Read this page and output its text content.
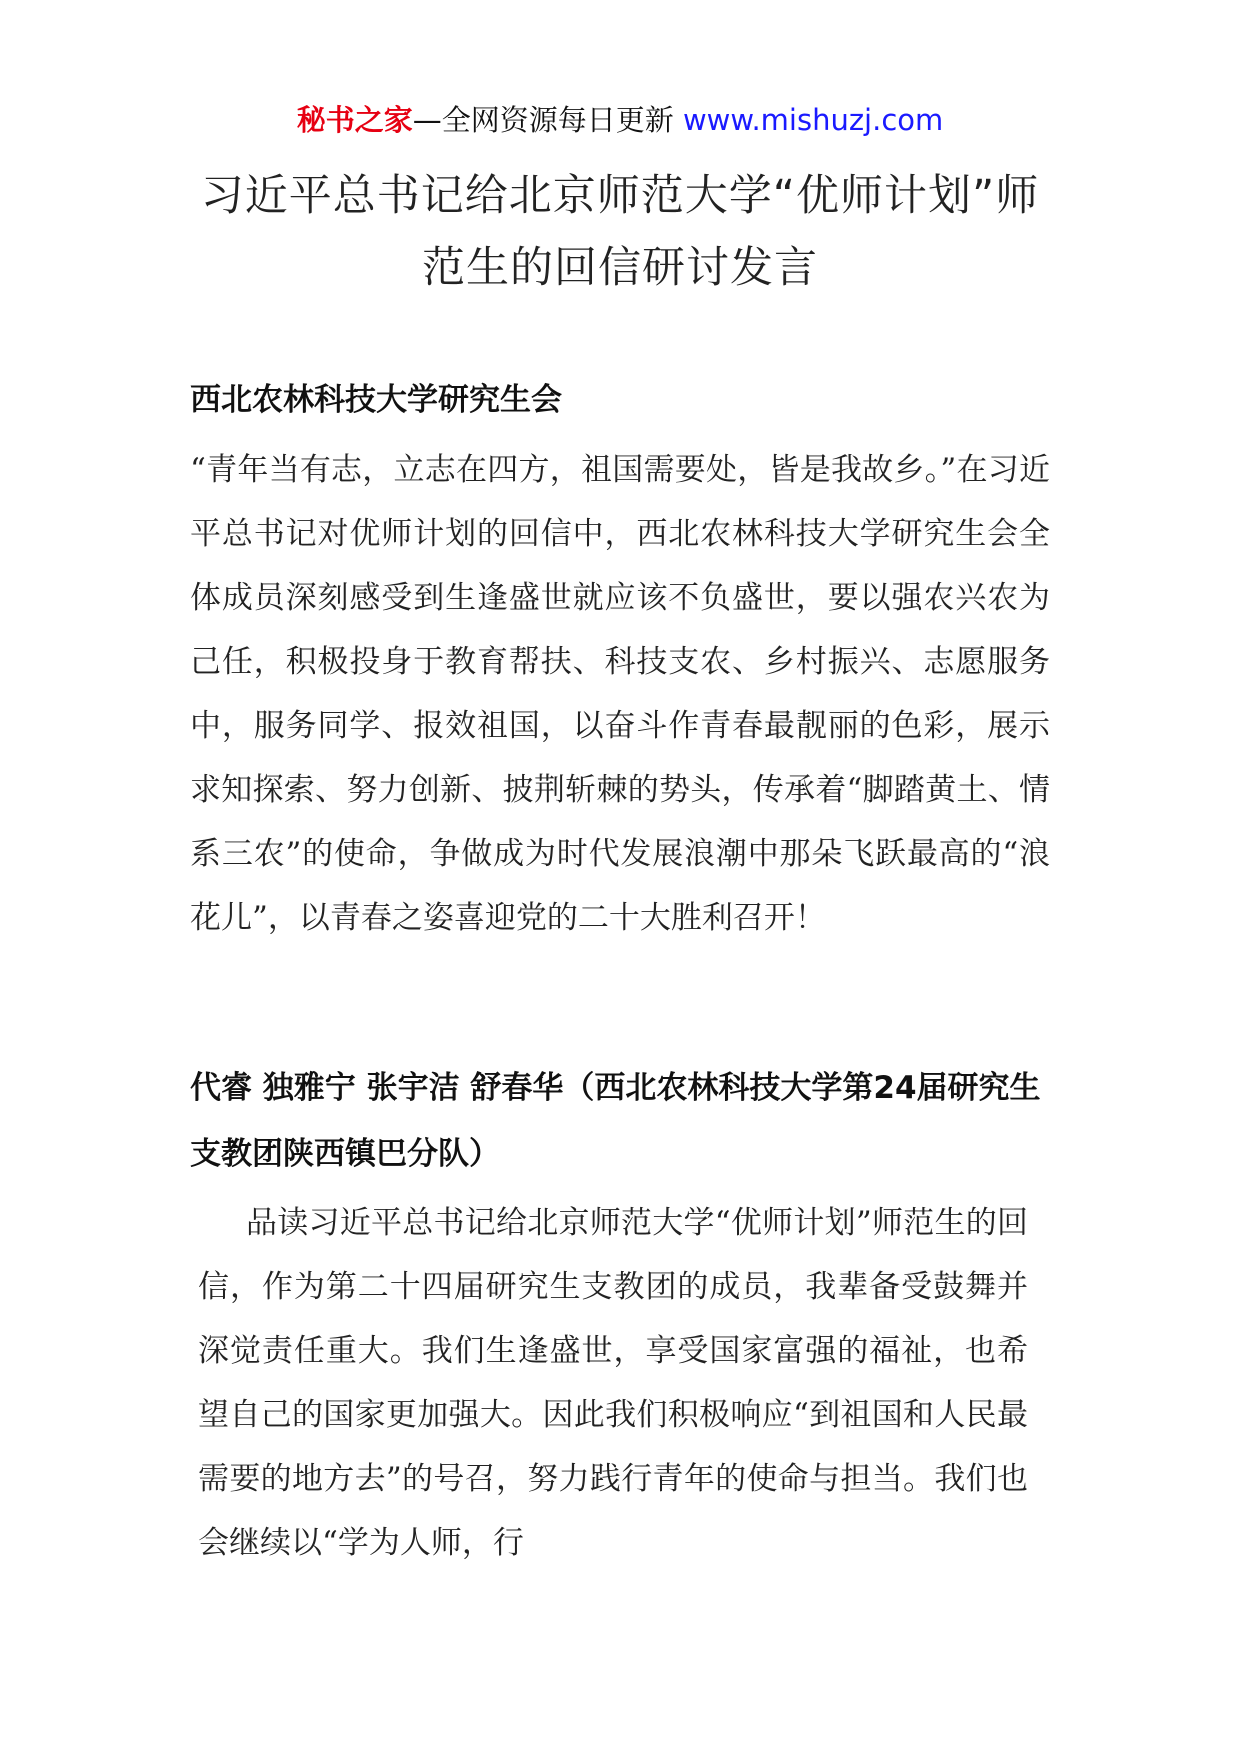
秘书之家—全网资源每日更新 www.mishuzj.com
习近平总书记给北京师范大学“优师计划”师范生的回信研讨发言
西北农林科技大学研究生会
“青年当有志，立志在四方，祖国需要处，皆是我故乡。”在习近平总书记对优师计划的回信中，西北农林科技大学研究生会全体成员深刻感受到生逢盛世就应该不负盛世，要以强农兴农为己任，积极投身于教育帮扶、科技支农、乡村振兴、志愿服务中，服务同学、报效祖国，以奋斗作青春最靓丽的色彩，展示求知探索、努力创新、披荆斩棘的势头，传承着“脚踏黄土、情系三农”的使命，争做成为时代发展浪潮中那朵飞跃最高的“浪花儿”，以青春之姿喜迎党的二十大胜利召开！
代睿 独雅宁 张宇洁 舒春华（西北农林科技大学第24届研究生支教团陕西镇巴分队）
品读习近平总书记给北京师范大学“优师计划”师范生的回信，作为第二十四届研究生支教团的成员，我辈备受鼓舞并深觉责任重大。我们生逢盛世，享受国家富强的福祉，也希望自己的国家更加强大。因此我们积极响应“到祖国和人民最需要的地方去”的号召，努力践行青年的使命与担当。我们也会继续以“学为人师，行
